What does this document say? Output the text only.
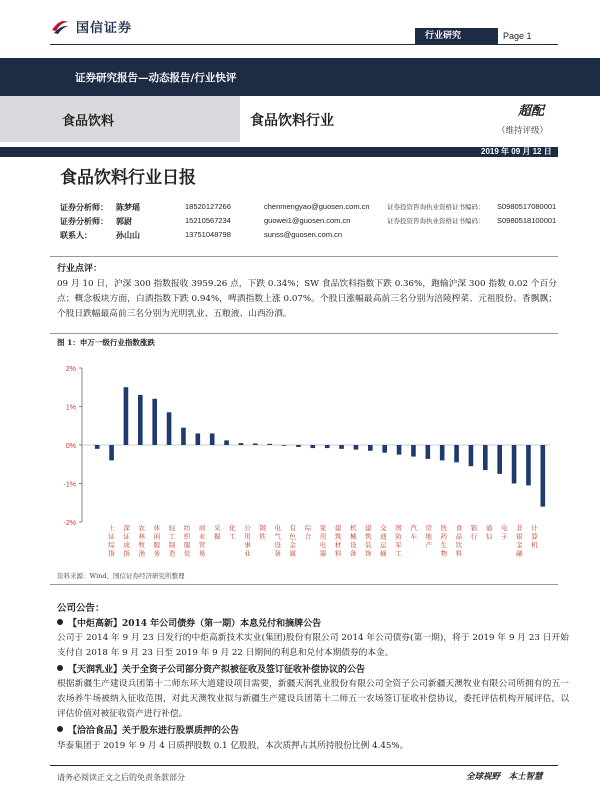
国信证券
行业研究	Page 1
证券研究报告—动态报告/行业快评
食品饮料	食品饮料行业
超配
（维持评级）
2019 年 09 月 12 日
食品饮料行业日报
证券分析师： 陈梦瑶	18520127266	chenmengyao@guosen.com.cn	证券投资咨询执业资格证书编码： S0980517080001
证券分析师： 郭尉	15210567234	guowei1@guosen.com.cn	证券投资咨询执业资格证书编码： S0980518100001
联系人：	孙山山	13751048798	sunss@guosen.com.cn
行业点评：
09 月 10 日，沪深 300 指数报收 3959.26 点，下跌 0.34%；SW 食品饮料指数下跌 0.36%，跑输沪深 300 指数 0.02 个百分点；概念板块方面，白酒指数下跌 0.94%，啤酒指数上涨 0.07%。个股日涨幅最高前三名分别为涪陵榨菜、元祖股份、香飘飘；个股日跌幅最高前三名分别为光明乳业、五粮液、山西汾酒。
图 1：申万一级行业指数涨跌
2%
1%
0%
-1%
-2%
上证综指
深证成指
农林牧渔
休闲服务
轻工制造
纺织服装
商业贸易
采掘
化工
公用事业
钢铁
电气设备
有色金属
综合
家用电器
建筑材料
机械设备
建筑装饰
交通运输
国防军工
汽车
房地产
医药生物
食品饮料
银行
通信
电子
非银金融
计算机
资料来源：Wind、国信证券经济研究所整理
公司公告：
【中炬高新】2014 年公司债券（第一期）本息兑付和摘牌公告
公司于 2014 年 9 月 23 日发行的中炬高新技术实业(集团)股份有限公司 2014 年公司债券(第一期)，将于 2019 年 9 月 23 日开始支付自 2018 年 9 月 23 日至 2019 年 9 月 22 日期间的利息和兑付本期债券的本金。
【天润乳业】关于全资子公司部分资产拟被征收及签订征收补偿协议的公告
根据新疆生产建设兵团第十二师东环大道建设项目需要，新疆天润乳业股份有限公司全资子公司新疆天澳牧业有限公司所拥有的五一农场养牛场被纳入征收范围，对此天澳牧业拟与新疆生产建设兵团第十二师五一农场签订征收补偿协议，委托评估机构开展评估，以评估价值对被征收资产进行补偿。
【洽洽食品】关于股东进行股票质押的公告
华泰集团于 2019 年 9 月 4 日质押股数 0.1 亿股股，本次质押占其所持股份比例 4.45%。
请务必阅读正文之后的免责条款部分	全球视野　本土智慧
